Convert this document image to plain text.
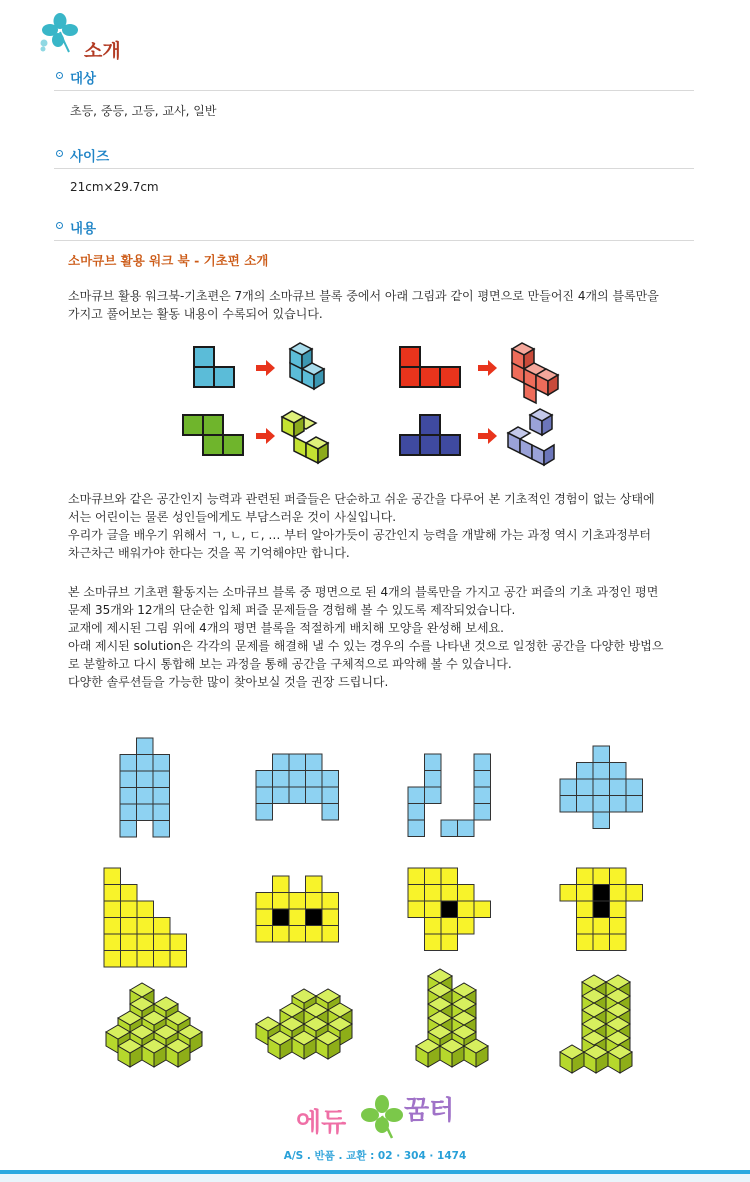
소개
대상
초등, 중등, 고등, 교사, 일반
사이즈
21cm×29.7cm
내용
소마큐브 활용 워크 북 - 기초편 소개
소마큐브 활용 워크북-기초편은 7개의 소마큐브 블록 중에서 아래 그림과 같이 평면으로 만들어진 4개의 블록만을
가지고 풀어보는 활동 내용이 수록되어 있습니다.
소마큐브와 같은 공간인지 능력과 관련된 퍼즐들은 단순하고 쉬운 공간을 다루어 본 기초적인 경험이 없는 상태에
서는 어린이는 물론 성인들에게도 부담스러운 것이 사실입니다.
우리가 글을 배우기 위해서 ㄱ, ㄴ, ㄷ, … 부터 알아가듯이 공간인지 능력을 개발해 가는 과정 역시 기초과정부터
차근차근 배워가야 한다는 것을 꼭 기억해야만 합니다.
본 소마큐브 기초편 활동지는 소마큐브 블록 중 평면으로 된 4개의 블록만을 가지고 공간 퍼즐의 기초 과정인 평면
문제 35개와 12개의 단순한 입체 퍼즐 문제들을 경험해 볼 수 있도록 제작되었습니다.
교재에 제시된 그림 위에 4개의 평면 블록을 적절하게 배치해 모양을 완성해 보세요.
아래 제시된 solution은 각각의 문제를 해결해 낼 수 있는 경우의 수를 나타낸 것으로 일정한 공간을 다양한 방법으
로 분할하고 다시 통합해 보는 과정을 통해 공간을 구체적으로 파악해 볼 수 있습니다.
다양한 솔루션들을 가능한 많이 찾아보실 것을 권장 드립니다.
에듀 꿈터
A/S . 반품 . 교환 : 02 · 304 · 1474
